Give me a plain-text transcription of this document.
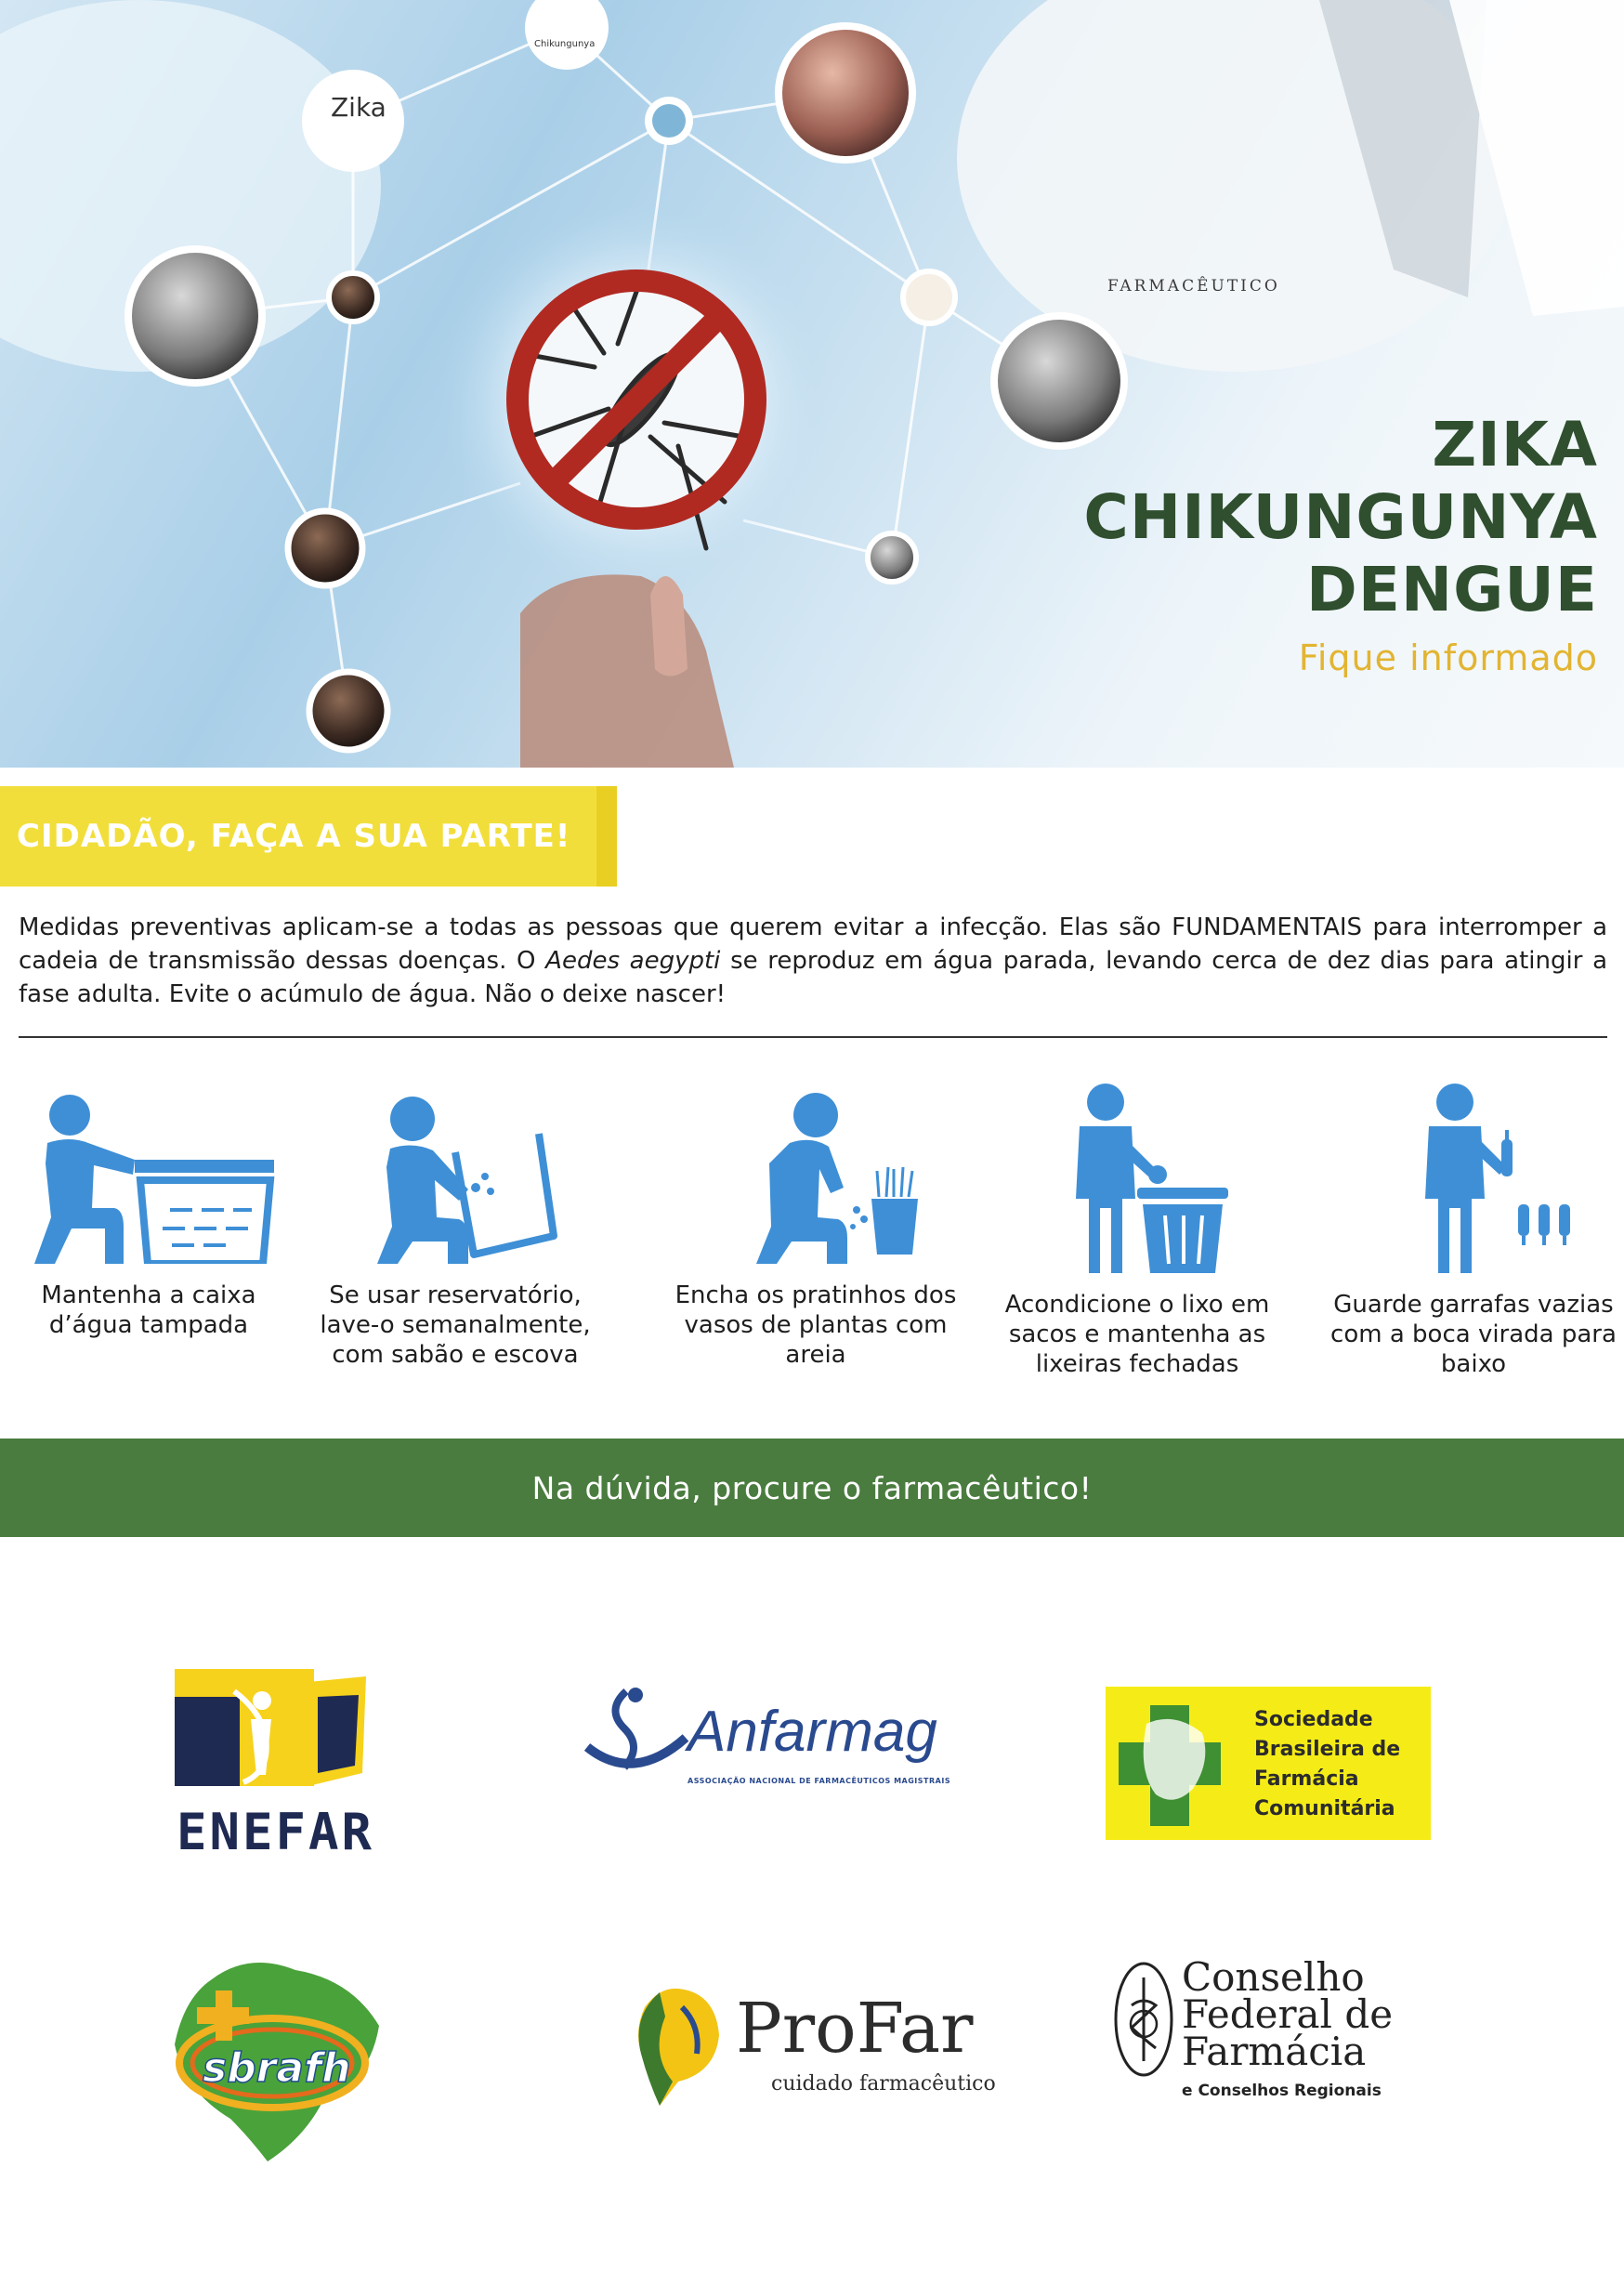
Zika
Chikungunya
FARMACÊUTICO
ZIKA
CHIKUNGUNYA
DENGUE
Fique informado
CIDADÃO, FAÇA A SUA PARTE!

Medidas preventivas aplicam-se a todas as pessoas que querem evitar a infecção. Elas são FUNDAMENTAIS para interromper a cadeia de transmissão dessas doenças. O Aedes aegypti se reproduz em água parada, levando cerca de dez dias para atingir a fase adulta. Evite o acúmulo de água. Não o deixe nascer!

Mantenha a caixa d’água tampada
Se usar reservatório, lave-o semanalmente, com sabão e escova
Encha os pratinhos dos vasos de plantas com areia
Acondicione o lixo em sacos e mantenha as lixeiras fechadas
Guarde garrafas vazias com a boca virada para baixo
Na dúvida, procure o farmacêutico!
ENEFAR
Anfarmag
ASSOCIAÇÃO NACIONAL DE FARMACÊUTICOS MAGISTRAIS
Sociedade
Brasileira de
Farmácia
Comunitária
sbrafh	ProFar
cuidado farmacêutico
Conselho
Federal de
Farmácia
e Conselhos Regionais
